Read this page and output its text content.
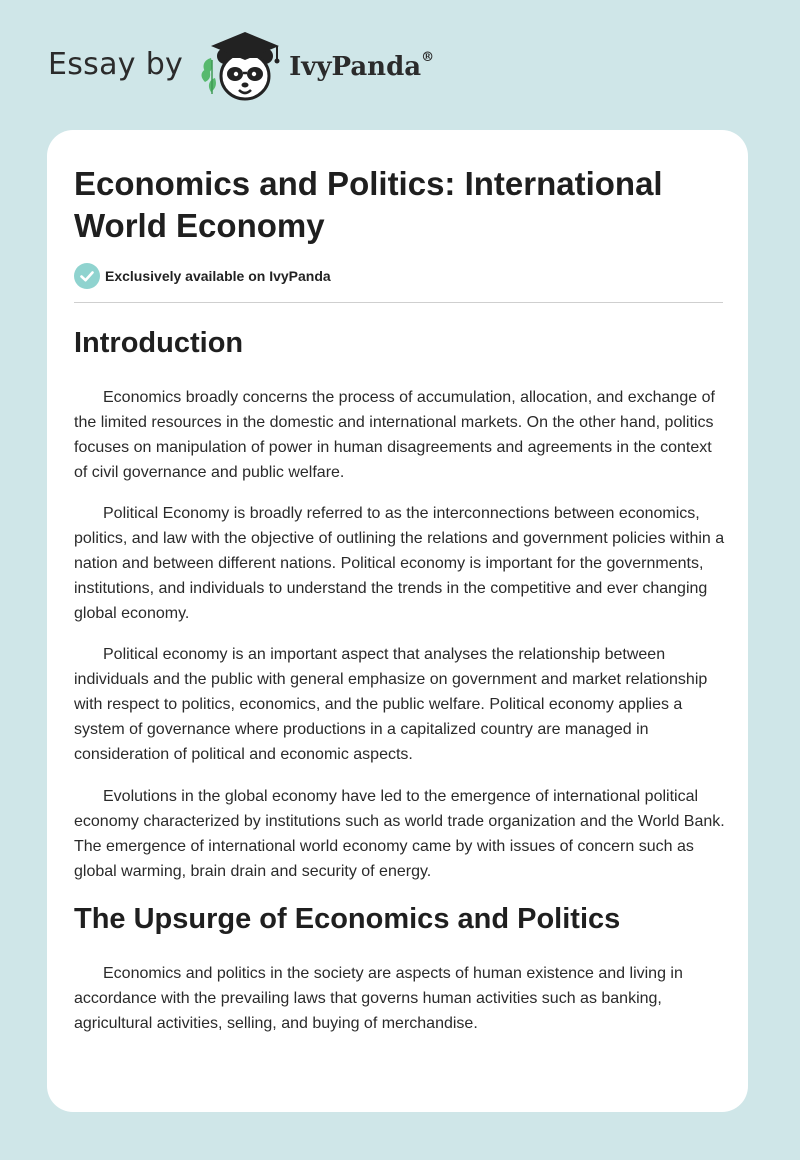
Essay by	IvyPanda®
Economics and Politics: International World Economy
Exclusively available on IvyPanda
Introduction

Economics broadly concerns the process of accumulation, allocation, and exchange of the limited resources in the domestic and international markets. On the other hand, politics focuses on manipulation of power in human disagreements and agreements in the context of civil governance and public welfare.

Political Economy is broadly referred to as the interconnections between economics, politics, and law with the objective of outlining the relations and government policies within a nation and between different nations. Political economy is important for the governments, institutions, and individuals to understand the trends in the competitive and ever changing global economy.

Political economy is an important aspect that analyses the relationship between individuals and the public with general emphasize on government and market relationship with respect to politics, economics, and the public welfare. Political economy applies a system of governance where productions in a capitalized country are managed in consideration of political and economic aspects.

Evolutions in the global economy have led to the emergence of international political economy characterized by institutions such as world trade organization and the World Bank. The emergence of international world economy came by with issues of concern such as global warming, brain drain and security of energy.

The Upsurge of Economics and Politics

Economics and politics in the society are aspects of human existence and living in accordance with the prevailing laws that governs human activities such as banking, agricultural activities, selling, and buying of merchandise.
